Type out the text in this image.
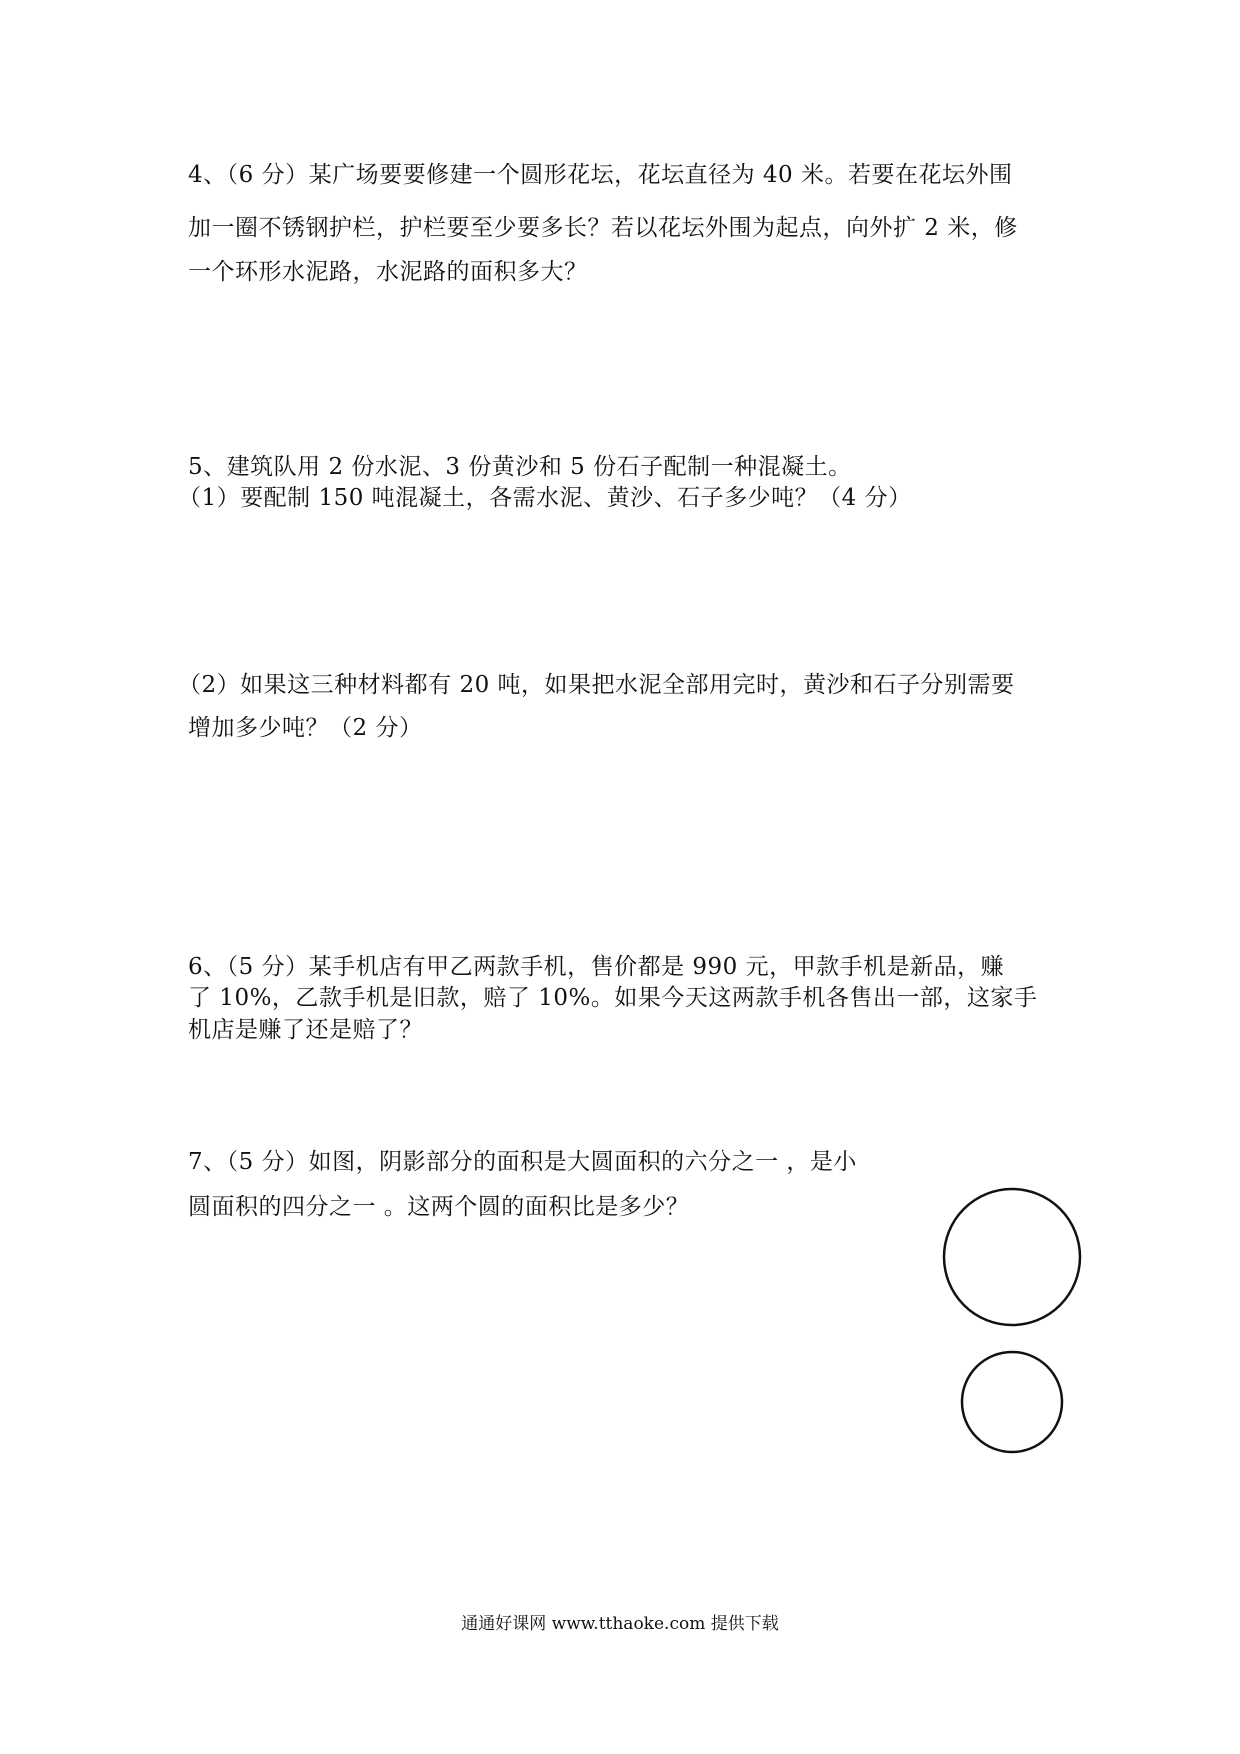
4、（6 分）某广场要要修建一个圆形花坛，花坛直径为 40 米。若要在花坛外围
加一圈不锈钢护栏，护栏要至少要多长？若以花坛外围为起点，向外扩 2 米，修
一个环形水泥路，水泥路的面积多大？
5、建筑队用 2 份水泥、3 份黄沙和 5 份石子配制一种混凝土。
（1）要配制 150 吨混凝土，各需水泥、黄沙、石子多少吨？（4 分）
（2）如果这三种材料都有 20 吨，如果把水泥全部用完时，黄沙和石子分别需要
增加多少吨？（2 分）
6、（5 分）某手机店有甲乙两款手机，售价都是 990 元，甲款手机是新品，赚
了 10%，乙款手机是旧款，赔了 10%。如果今天这两款手机各售出一部，这家手
机店是赚了还是赔了？
7、（5 分）如图，阴影部分的面积是大圆面积的六分之一 ，是小
圆面积的四分之一 。这两个圆的面积比是多少？
通通好课网 www.tthaoke.com 提供下载
